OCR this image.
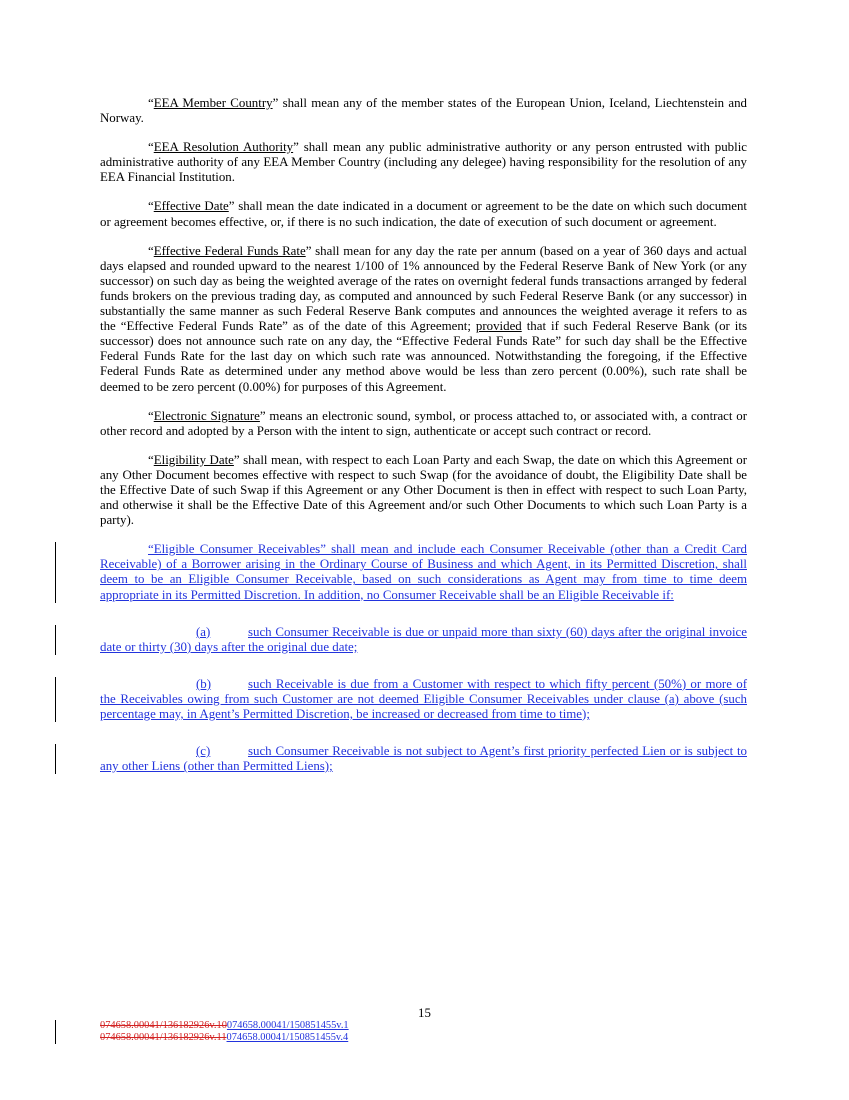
“EEA Member Country” shall mean any of the member states of the European Union, Iceland, Liechtenstein and Norway.

“EEA Resolution Authority” shall mean any public administrative authority or any person entrusted with public administrative authority of any EEA Member Country (including any delegee) having responsibility for the resolution of any EEA Financial Institution.

“Effective Date” shall mean the date indicated in a document or agreement to be the date on which such document or agreement becomes effective, or, if there is no such indication, the date of execution of such document or agreement.

“Effective Federal Funds Rate” shall mean for any day the rate per annum (based on a year of 360 days and actual days elapsed and rounded upward to the nearest 1/100 of 1% announced by the Federal Reserve Bank of New York (or any successor) on such day as being the weighted average of the rates on overnight federal funds transactions arranged by federal funds brokers on the previous trading day, as computed and announced by such Federal Reserve Bank (or any successor) in substantially the same manner as such Federal Reserve Bank computes and announces the weighted average it refers to as the “Effective Federal Funds Rate” as of the date of this Agreement; provided that if such Federal Reserve Bank (or its successor) does not announce such rate on any day, the “Effective Federal Funds Rate” for such day shall be the Effective Federal Funds Rate for the last day on which such rate was announced. Notwithstanding the foregoing, if the Effective Federal Funds Rate as determined under any method above would be less than zero percent (0.00%), such rate shall be deemed to be zero percent (0.00%) for purposes of this Agreement.

“Electronic Signature” means an electronic sound, symbol, or process attached to, or associated with, a contract or other record and adopted by a Person with the intent to sign, authenticate or accept such contract or record.

“Eligibility Date” shall mean, with respect to each Loan Party and each Swap, the date on which this Agreement or any Other Document becomes effective with respect to such Swap (for the avoidance of doubt, the Eligibility Date shall be the Effective Date of such Swap if this Agreement or any Other Document is then in effect with respect to such Loan Party, and otherwise it shall be the Effective Date of this Agreement and/or such Other Documents to which such Loan Party is a party).

“Eligible Consumer Receivables” shall mean and include each Consumer Receivable (other than a Credit Card Receivable) of a Borrower arising in the Ordinary Course of Business and which Agent, in its Permitted Discretion, shall deem to be an Eligible Consumer Receivable, based on such considerations as Agent may from time to time deem appropriate in its Permitted Discretion. In addition, no Consumer Receivable shall be an Eligible Receivable if:

(a)	such Consumer Receivable is due or unpaid more than sixty (60) days after the original invoice date or thirty (30) days after the original due date;

(b)	such Receivable is due from a Customer with respect to which fifty percent (50%) or more of the Receivables owing from such Customer are not deemed Eligible Consumer Receivables under clause (a) above (such percentage may, in Agent’s Permitted Discretion, be increased or decreased from time to time);

(c)	such Consumer Receivable is not subject to Agent’s first priority perfected Lien or is subject to any other Liens (other than Permitted Liens);

15
074658.00041/136182926v.10074658.00041/150851455v.1
074658.00041/136182926v.11074658.00041/150851455v.4
